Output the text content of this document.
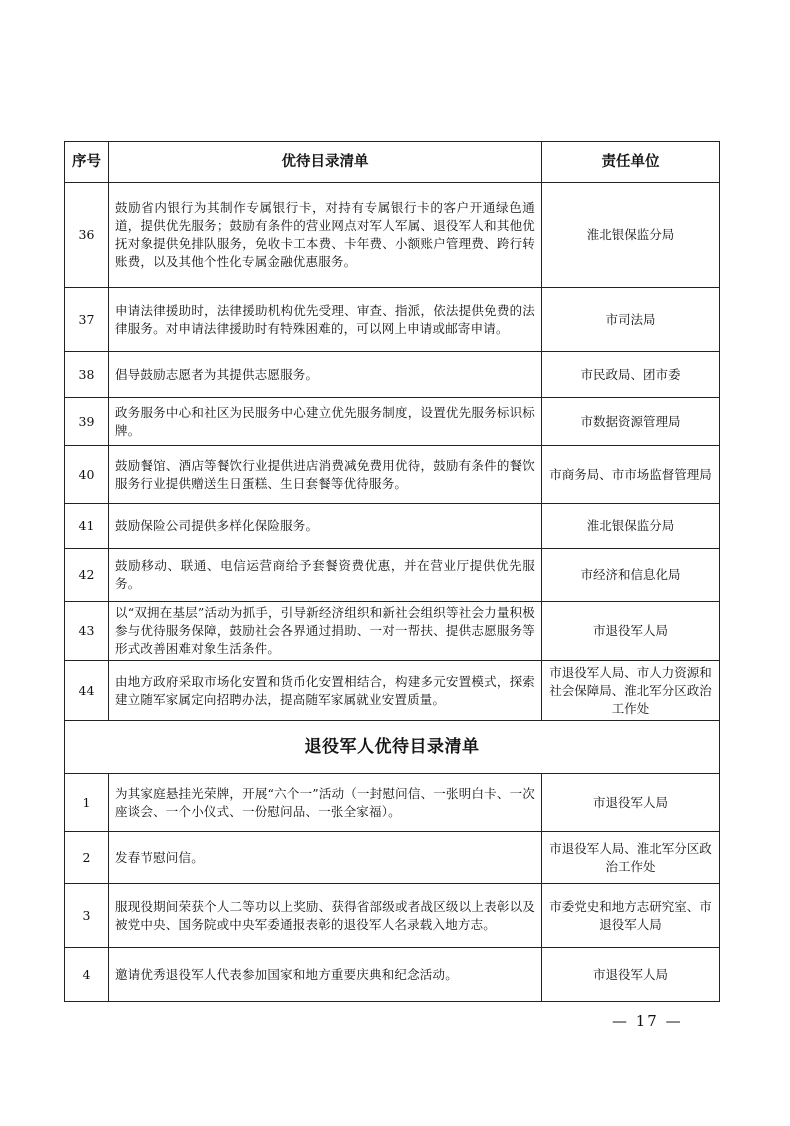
序号	优待目录清单	责任单位
36	鼓励省内银行为其制作专属银行卡，对持有专属银行卡的客户开通绿色通道，提供优先服务；鼓励有条件的营业网点对军人军属、退役军人和其他优抚对象提供免排队服务，免收卡工本费、卡年费、小额账户管理费、跨行转账费，以及其他个性化专属金融优惠服务。	淮北银保监分局
37	申请法律援助时，法律援助机构优先受理、审查、指派，依法提供免费的法律服务。对申请法律援助时有特殊困难的，可以网上申请或邮寄申请。	市司法局
38	倡导鼓励志愿者为其提供志愿服务。	市民政局、团市委
39	政务服务中心和社区为民服务中心建立优先服务制度，设置优先服务标识标牌。	市数据资源管理局
40	鼓励餐馆、酒店等餐饮行业提供进店消费减免费用优待，鼓励有条件的餐饮服务行业提供赠送生日蛋糕、生日套餐等优待服务。	市商务局、市市场监督管理局
41	鼓励保险公司提供多样化保险服务。	淮北银保监分局
42	鼓励移动、联通、电信运营商给予套餐资费优惠，并在营业厅提供优先服务。	市经济和信息化局
43	以“双拥在基层”活动为抓手，引导新经济组织和新社会组织等社会力量积极参与优待服务保障，鼓励社会各界通过捐助、一对一帮扶、提供志愿服务等形式改善困难对象生活条件。	市退役军人局
44	由地方政府采取市场化安置和货币化安置相结合，构建多元安置模式，探索建立随军家属定向招聘办法，提高随军家属就业安置质量。	市退役军人局、市人力资源和社会保障局、淮北军分区政治工作处
退役军人优待目录清单		
1	为其家庭悬挂光荣牌，开展“六个一”活动（一封慰问信、一张明白卡、一次座谈会、一个小仪式、一份慰问品、一张全家福）。	市退役军人局
2	发春节慰问信。	市退役军人局、淮北军分区政治工作处
3	服现役期间荣获个人二等功以上奖励、获得省部级或者战区级以上表彰以及被党中央、国务院或中央军委通报表彰的退役军人名录载入地方志。	市委党史和地方志研究室、市退役军人局
4	邀请优秀退役军人代表参加国家和地方重要庆典和纪念活动。	市退役军人局
— 17 —
